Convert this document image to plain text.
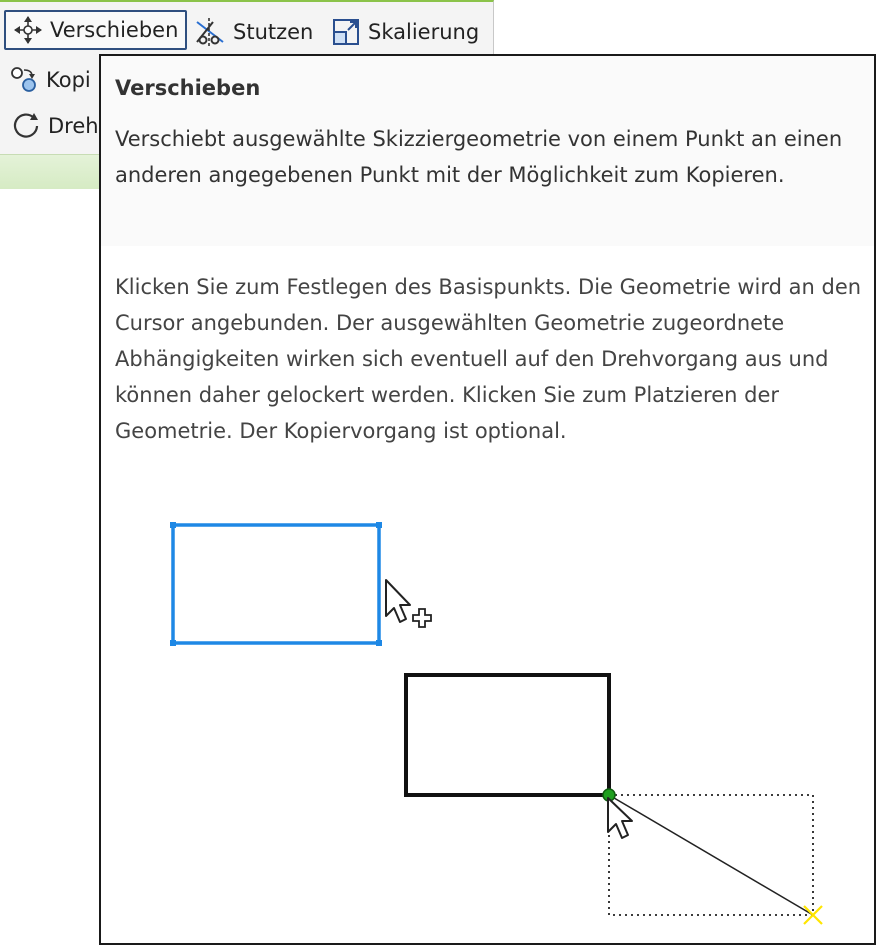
Verschieben	Stutzen	Skalierung
Kopi
Dreh
Verschieben
Verschiebt ausgewählte Skizziergeometrie von einem Punkt an einen anderen angegebenen Punkt mit der Möglichkeit zum Kopieren.
Klicken Sie zum Festlegen des Basispunkts. Die Geometrie wird an den Cursor angebunden. Der ausgewählten Geometrie zugeordnete Abhängigkeiten wirken sich eventuell auf den Drehvorgang aus und können daher gelockert werden. Klicken Sie zum Platzieren der Geometrie. Der Kopiervorgang ist optional.
